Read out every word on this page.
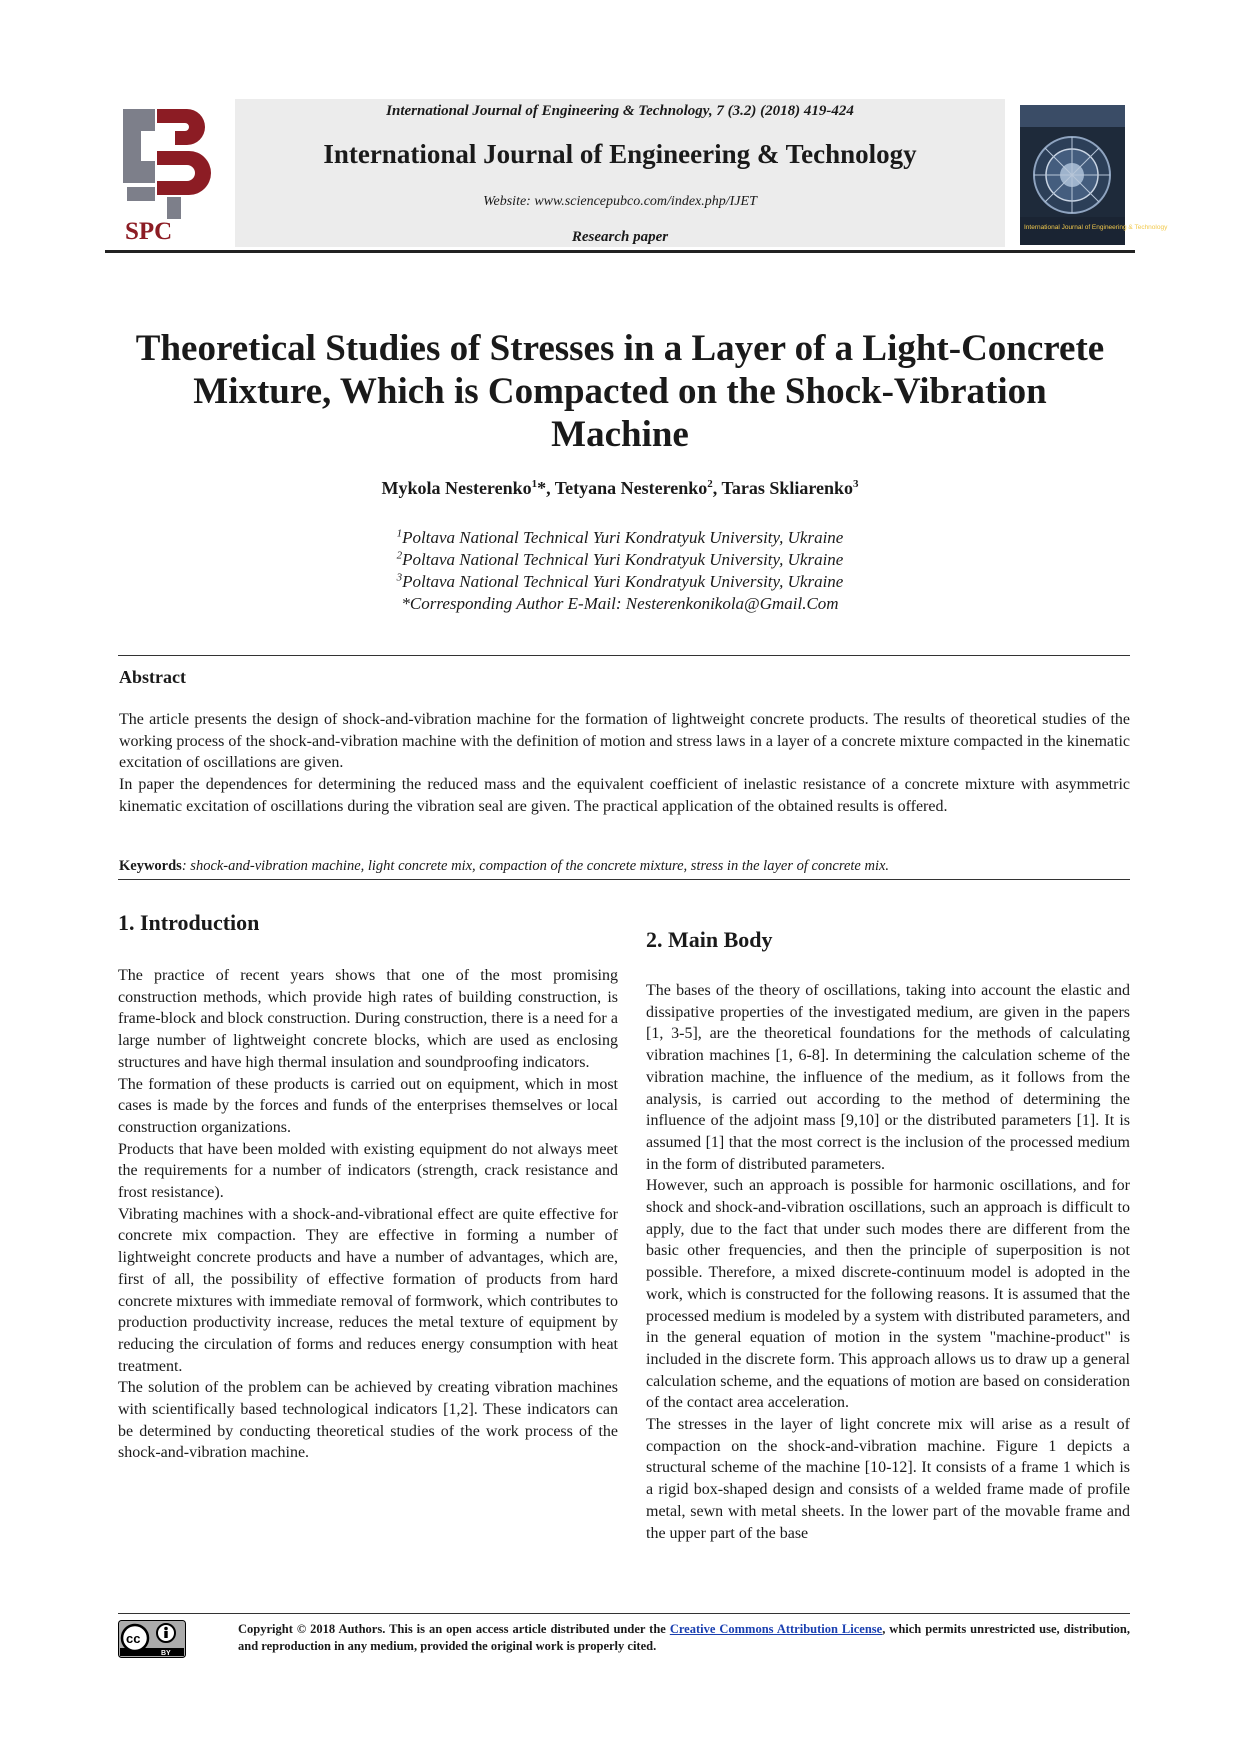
SPC
International Journal of Engineering & Technology, 7 (3.2) (2018) 419-424
International Journal of Engineering & Technology
Website: www.sciencepubco.com/index.php/IJET
Research paper
International Journal of Engineering & Technology
Theoretical Studies of Stresses in a Layer of a Light-Concrete
Mixture, Which is Compacted on the Shock-Vibration
Machine
Mykola Nesterenko$^1$*, Tetyana Nesterenko$^2$, Taras Skliarenko$^3$
$^1$Poltava National Technical Yuri Kondratyuk University, Ukraine
$^2$Poltava National Technical Yuri Kondratyuk University, Ukraine
$^3$Poltava National Technical Yuri Kondratyuk University, Ukraine
*Corresponding Author E-Mail: Nesterenkonikola@Gmail.Com
Abstract

The article presents the design of shock-and-vibration machine for the formation of lightweight concrete products. The results of theoretical studies of the working process of the shock-and-vibration machine with the definition of motion and stress laws in a layer of a concrete mixture compacted in the kinematic excitation of oscillations are given.

In paper the dependences for determining the reduced mass and the equivalent coefficient of inelastic resistance of a concrete mixture with asymmetric kinematic excitation of oscillations during the vibration seal are given. The practical application of the obtained results is offered.

Keywords: shock-and-vibration machine, light concrete mix, compaction of the concrete mixture, stress in the layer of concrete mix.
1. Introduction

The practice of recent years shows that one of the most promising construction methods, which provide high rates of building construction, is frame-block and block construction. During construction, there is a need for a large number of lightweight concrete blocks, which are used as enclosing structures and have high thermal insulation and soundproofing indicators.

The formation of these products is carried out on equipment, which in most cases is made by the forces and funds of the enterprises themselves or local construction organizations.

Products that have been molded with existing equipment do not always meet the requirements for a number of indicators (strength, crack resistance and frost resistance).

Vibrating machines with a shock-and-vibrational effect are quite effective for concrete mix compaction. They are effective in forming a number of lightweight concrete products and have a number of advantages, which are, first of all, the possibility of effective formation of products from hard concrete mixtures with immediate removal of formwork, which contributes to production productivity increase, reduces the metal texture of equipment by reducing the circulation of forms and reduces energy consumption with heat treatment.

The solution of the problem can be achieved by creating vibration machines with scientifically based technological indicators [1,2]. These indicators can be determined by conducting theoretical studies of the work process of the shock-and-vibration machine.

2. Main Body

The bases of the theory of oscillations, taking into account the elastic and dissipative properties of the investigated medium, are given in the papers [1, 3-5], are the theoretical foundations for the methods of calculating vibration machines [1, 6-8]. In determining the calculation scheme of the vibration machine, the influence of the medium, as it follows from the analysis, is carried out according to the method of determining the influence of the adjoint mass [9,10] or the distributed parameters [1]. It is assumed [1] that the most correct is the inclusion of the processed medium in the form of distributed parameters.

However, such an approach is possible for harmonic oscillations, and for shock and shock-and-vibration oscillations, such an approach is difficult to apply, due to the fact that under such modes there are different from the basic other frequencies, and then the principle of superposition is not possible. Therefore, a mixed discrete-continuum model is adopted in the work, which is constructed for the following reasons. It is assumed that the processed medium is modeled by a system with distributed parameters, and in the general equation of motion in the system "machine-product" is included in the discrete form. This approach allows us to draw up a general calculation scheme, and the equations of motion are based on consideration of the contact area acceleration.

The stresses in the layer of light concrete mix will arise as a result of compaction on the shock-and-vibration machine. Figure 1 depicts a structural scheme of the machine [10-12]. It consists of a frame 1 which is a rigid box-shaped design and consists of a welded frame made of profile metal, sewn with metal sheets. In the lower part of the movable frame and the upper part of the base

cc
BY
Copyright © 2018 Authors. This is an open access article distributed under the Creative Commons Attribution License, which permits unrestricted use, distribution, and reproduction in any medium, provided the original work is properly cited.
